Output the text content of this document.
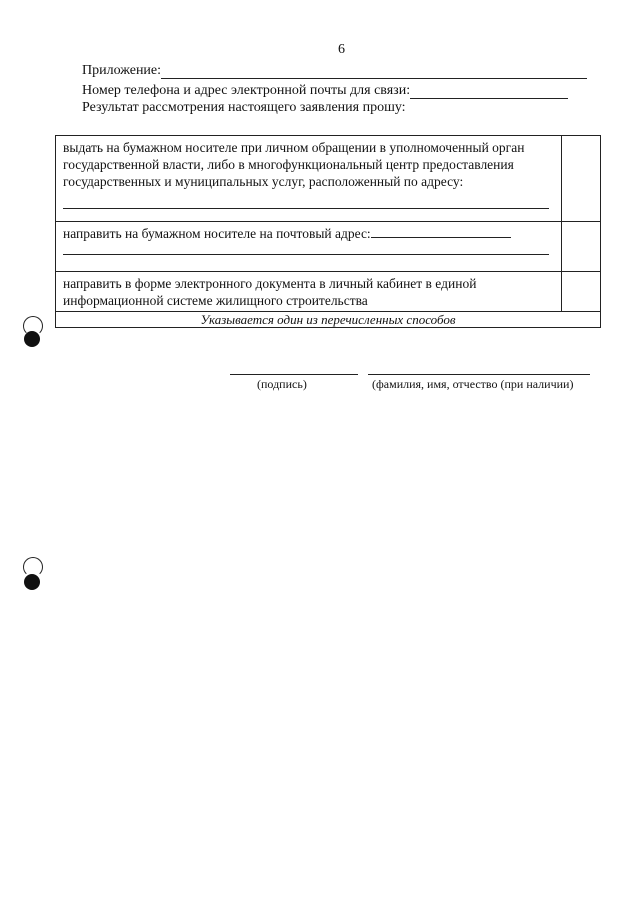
6
Приложение:
Номер телефона и адрес электронной почты для связи:
Результат рассмотрения настоящего заявления прошу:
выдать на бумажном носителе при личном обращении в уполномоченный орган государственной власти, либо в многофункциональный центр предоставления государственных и муниципальных услуг, расположенный по адресу:	

направить на бумажном носителе на почтовый адрес:	

направить в форме электронного документа в личный кабинет в единой информационной системе жилищного строительства	

Указывается один из перечисленных способов	
(подпись)	(фамилия, имя, отчество (при наличии)
